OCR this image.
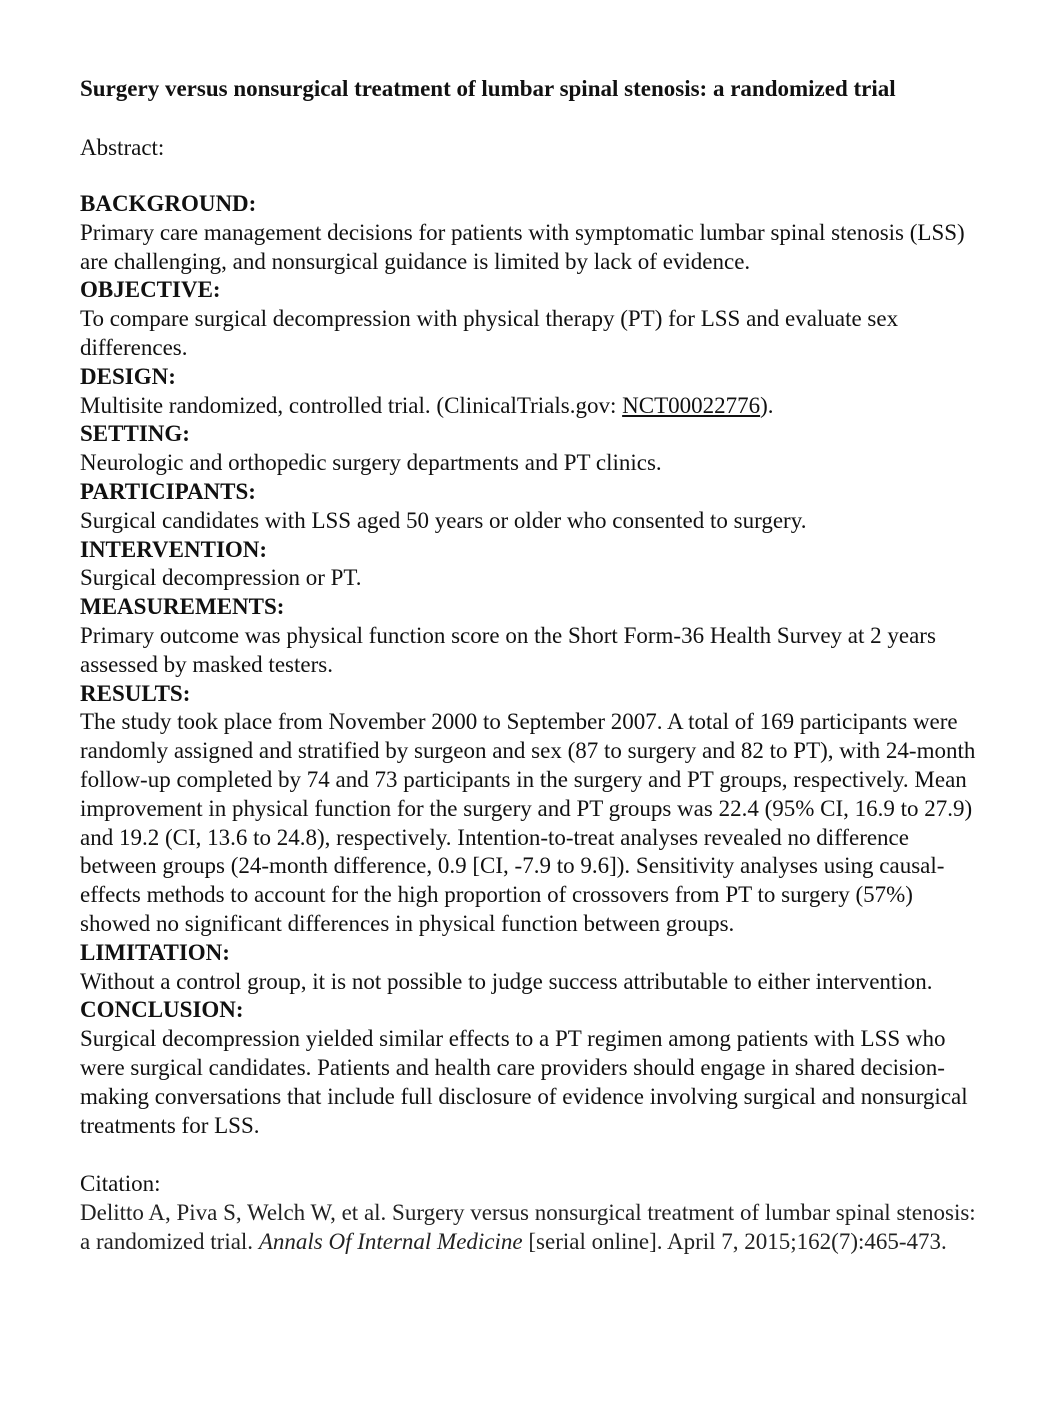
Surgery versus nonsurgical treatment of lumbar spinal stenosis: a randomized trial
Abstract:
BACKGROUND:
Primary care management decisions for patients with symptomatic lumbar spinal stenosis (LSS) are challenging, and nonsurgical guidance is limited by lack of evidence.
OBJECTIVE:
To compare surgical decompression with physical therapy (PT) for LSS and evaluate sex differences.
DESIGN:
Multisite randomized, controlled trial. (ClinicalTrials.gov: NCT00022776).
SETTING:
Neurologic and orthopedic surgery departments and PT clinics.
PARTICIPANTS:
Surgical candidates with LSS aged 50 years or older who consented to surgery.
INTERVENTION:
Surgical decompression or PT.
MEASUREMENTS:
Primary outcome was physical function score on the Short Form-36 Health Survey at 2 years assessed by masked testers.
RESULTS:
The study took place from November 2000 to September 2007. A total of 169 participants were randomly assigned and stratified by surgeon and sex (87 to surgery and 82 to PT), with 24-month follow-up completed by 74 and 73 participants in the surgery and PT groups, respectively. Mean improvement in physical function for the surgery and PT groups was 22.4 (95% CI, 16.9 to 27.9) and 19.2 (CI, 13.6 to 24.8), respectively. Intention-to-treat analyses revealed no difference between groups (24-month difference, 0.9 [CI, -7.9 to 9.6]). Sensitivity analyses using causal-effects methods to account for the high proportion of crossovers from PT to surgery (57%) showed no significant differences in physical function between groups.
LIMITATION:
Without a control group, it is not possible to judge success attributable to either intervention.
CONCLUSION:
Surgical decompression yielded similar effects to a PT regimen among patients with LSS who were surgical candidates. Patients and health care providers should engage in shared decision-making conversations that include full disclosure of evidence involving surgical and nonsurgical treatments for LSS.
Citation:
Delitto A, Piva S, Welch W, et al. Surgery versus nonsurgical treatment of lumbar spinal stenosis: a randomized trial. Annals Of Internal Medicine [serial online]. April 7, 2015;162(7):465-473.
